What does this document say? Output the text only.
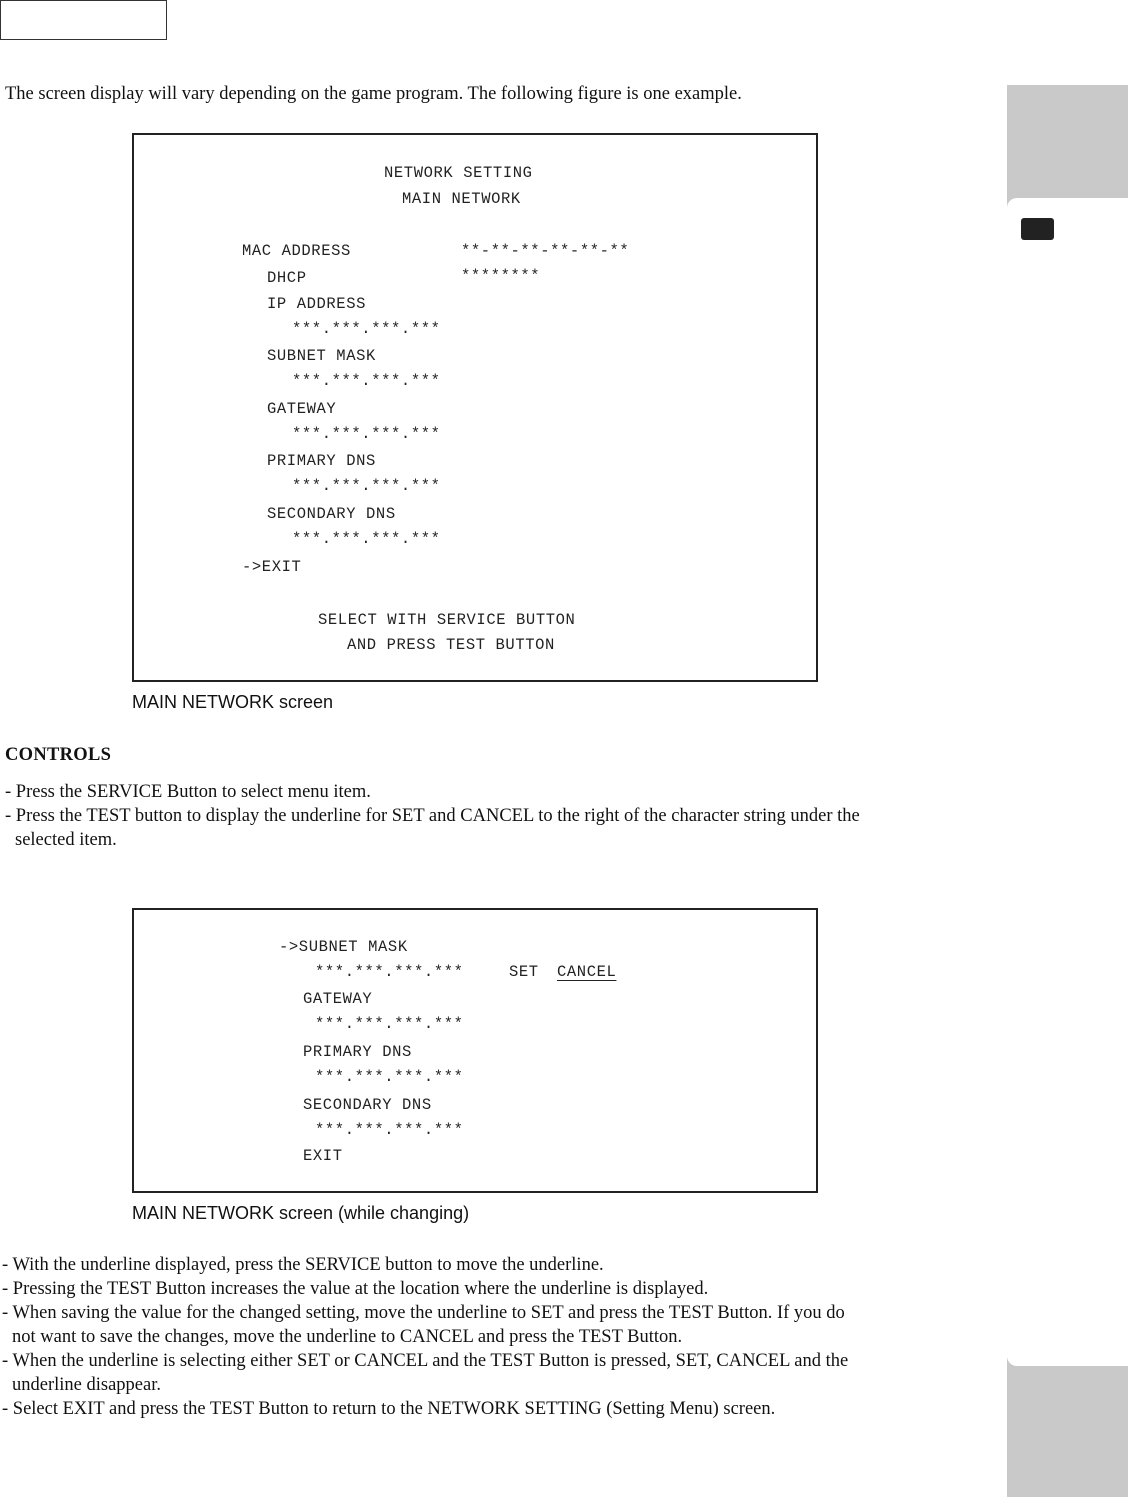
The screen display will vary depending on the game program. The following figure is one example.
NETWORK SETTING
MAIN NETWORK
MAC ADDRESS	**-**-**-**-**-**
DHCP	********
IP ADDRESS
***.***.***.***
SUBNET MASK
***.***.***.***
GATEWAY
***.***.***.***
PRIMARY DNS
***.***.***.***
SECONDARY DNS
***.***.***.***
->EXIT
SELECT WITH SERVICE BUTTON
AND PRESS TEST BUTTON
MAIN NETWORK screen
CONTROLS
- Press the SERVICE Button to select menu item.
- Press the TEST button to display the underline for SET and CANCEL to the right of the character string under the
selected item.
->SUBNET MASK
***.***.***.***	SET CANCEL
GATEWAY
***.***.***.***
PRIMARY DNS
***.***.***.***
SECONDARY DNS
***.***.***.***
EXIT
MAIN NETWORK screen (while changing)
- With the underline displayed, press the SERVICE button to move the underline.
- Pressing the TEST Button increases the value at the location where the underline is displayed.
- When saving the value for the changed setting, move the underline to SET and press the TEST Button. If you do
not want to save the changes, move the underline to CANCEL and press the TEST Button.
- When the underline is selecting either SET or CANCEL and the TEST Button is pressed, SET, CANCEL and the
underline disappear.
- Select EXIT and press the TEST Button to return to the NETWORK SETTING (Setting Menu) screen.
